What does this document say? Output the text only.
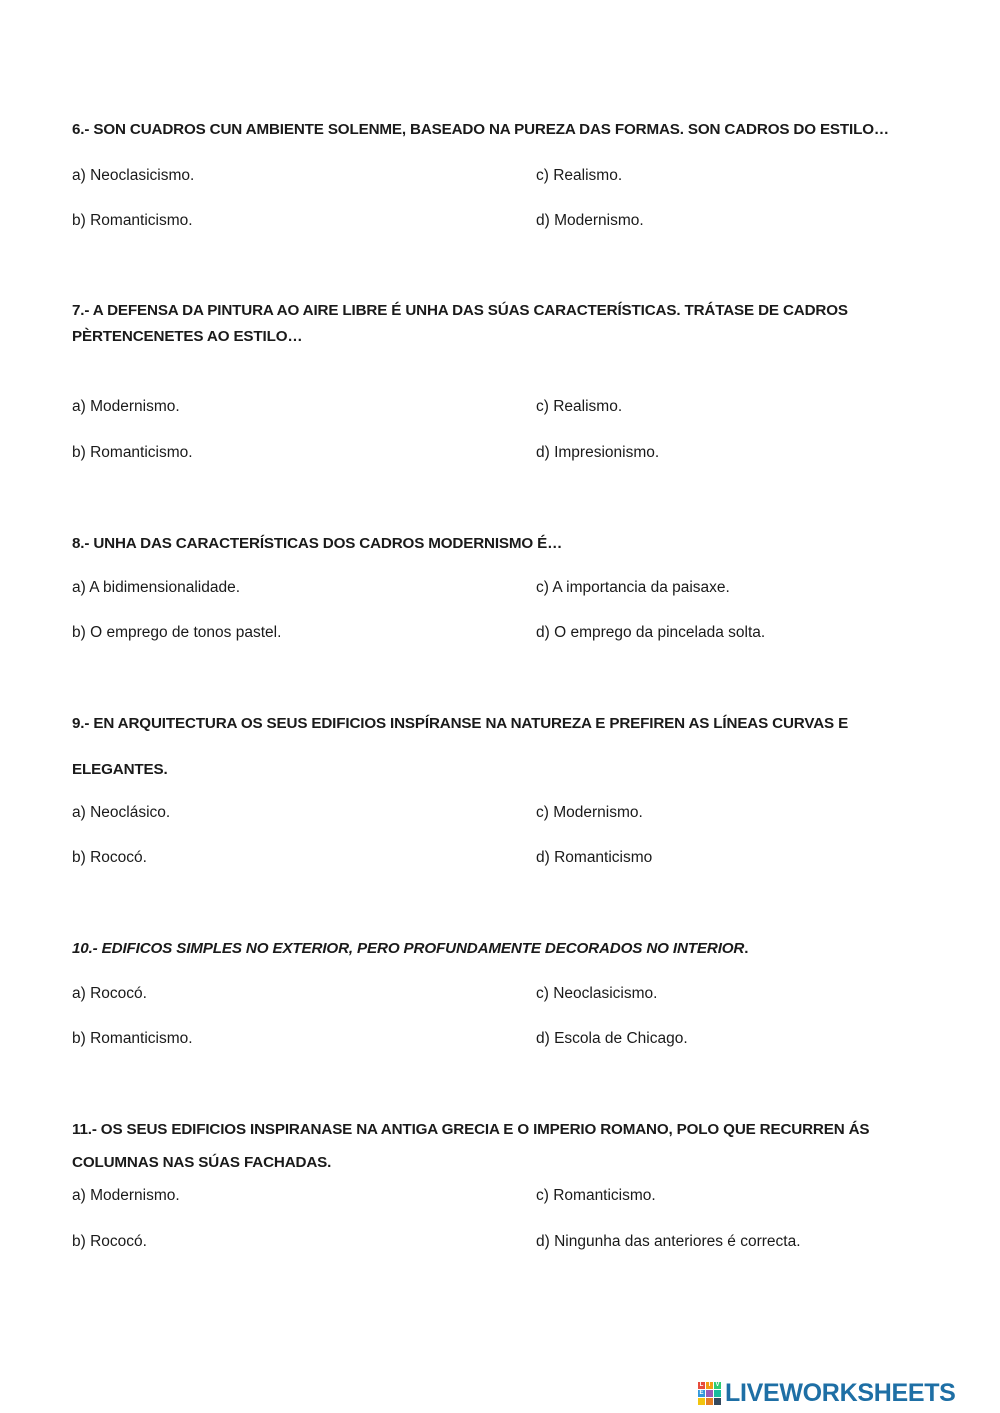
6.- SON CUADROS CUN AMBIENTE SOLENME, BASEADO NA PUREZA DAS FORMAS. SON CADROS DO ESTILO…
a) Neoclasicismo.	c) Realismo.
b) Romanticismo.	d) Modernismo.
7.- A DEFENSA DA PINTURA AO AIRE LIBRE É UNHA DAS SÚAS CARACTERÍSTICAS. TRÁTASE DE CADROS
PÈRTENCENETES AO ESTILO…
a) Modernismo.	c) Realismo.
b) Romanticismo.	d) Impresionismo.
8.- UNHA DAS CARACTERÍSTICAS DOS CADROS MODERNISMO É…
a) A bidimensionalidade.	c) A importancia da paisaxe.
b) O emprego de tonos pastel.	d) O emprego da pincelada solta.
9.- EN ARQUITECTURA OS SEUS EDIFICIOS INSPÍRANSE NA NATUREZA E PREFIREN AS LÍNEAS CURVAS E
ELEGANTES.
a) Neoclásico.	c) Modernismo.
b) Rococó.	d) Romanticismo
10.- EDIFICOS SIMPLES NO EXTERIOR, PERO PROFUNDAMENTE DECORADOS NO INTERIOR.
a) Rococó.	c) Neoclasicismo.
b) Romanticismo.	d) Escola de Chicago.
11.- OS SEUS EDIFICIOS INSPIRANASE NA ANTIGA GRECIA E O IMPERIO ROMANO, POLO QUE RECURREN ÁS
COLUMNAS NAS SÚAS FACHADAS.
a) Modernismo.	c) Romanticismo.
b) Rococó.	d) Ningunha das anteriores é correcta.
L I V
E LIVEWORKSHEETS
